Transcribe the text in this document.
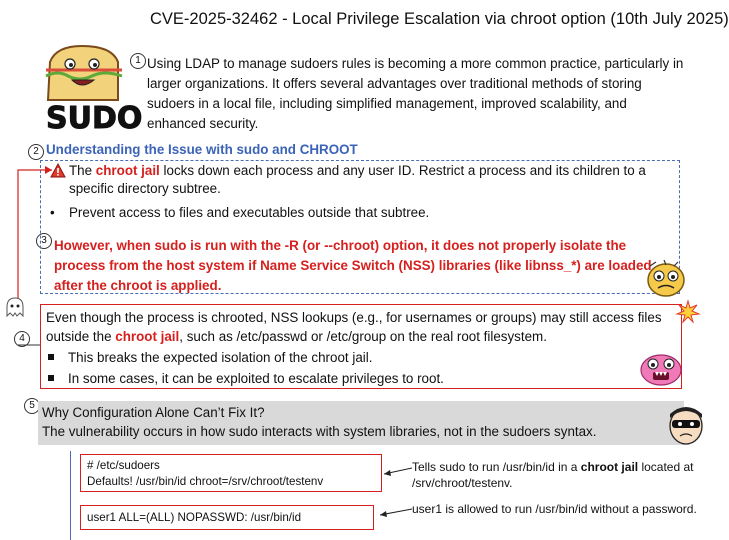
CVE-2025-32462 - Local Privilege Escalation via chroot option (10th July 2025)
SUDO
1
2
3
4
5
Using LDAP to manage sudoers rules is becoming a more common practice, particularly in larger organizations. It offers several advantages over traditional methods of storing sudoers in a local file, including simplified management, improved scalability, and enhanced security.
Understanding the Issue with sudo and CHROOT
The chroot jail locks down each process and any user ID. Restrict a process and its children to a specific directory subtree.
• Prevent access to files and executables outside that subtree.
However, when sudo is run with the -R (or --chroot) option, it does not properly isolate the process from the host system if Name Service Switch (NSS) libraries (like libnss_*) are loaded after the chroot is applied.
Even though the process is chrooted, NSS lookups (e.g., for usernames or groups) may still access files outside the chroot jail, such as /etc/passwd or /etc/group on the real root filesystem.
This breaks the expected isolation of the chroot jail.
In some cases, it can be exploited to escalate privileges to root.
Why Configuration Alone Can’t Fix It?
The vulnerability occurs in how sudo interacts with system libraries, not in the sudoers syntax.
# /etc/sudoers
Defaults! /usr/bin/id chroot=/srv/chroot/testenv
user1 ALL=(ALL) NOPASSWD: /usr/bin/id
Tells sudo to run /usr/bin/id in a chroot jail located at /srv/chroot/testenv.
user1 is allowed to run /usr/bin/id without a password.
